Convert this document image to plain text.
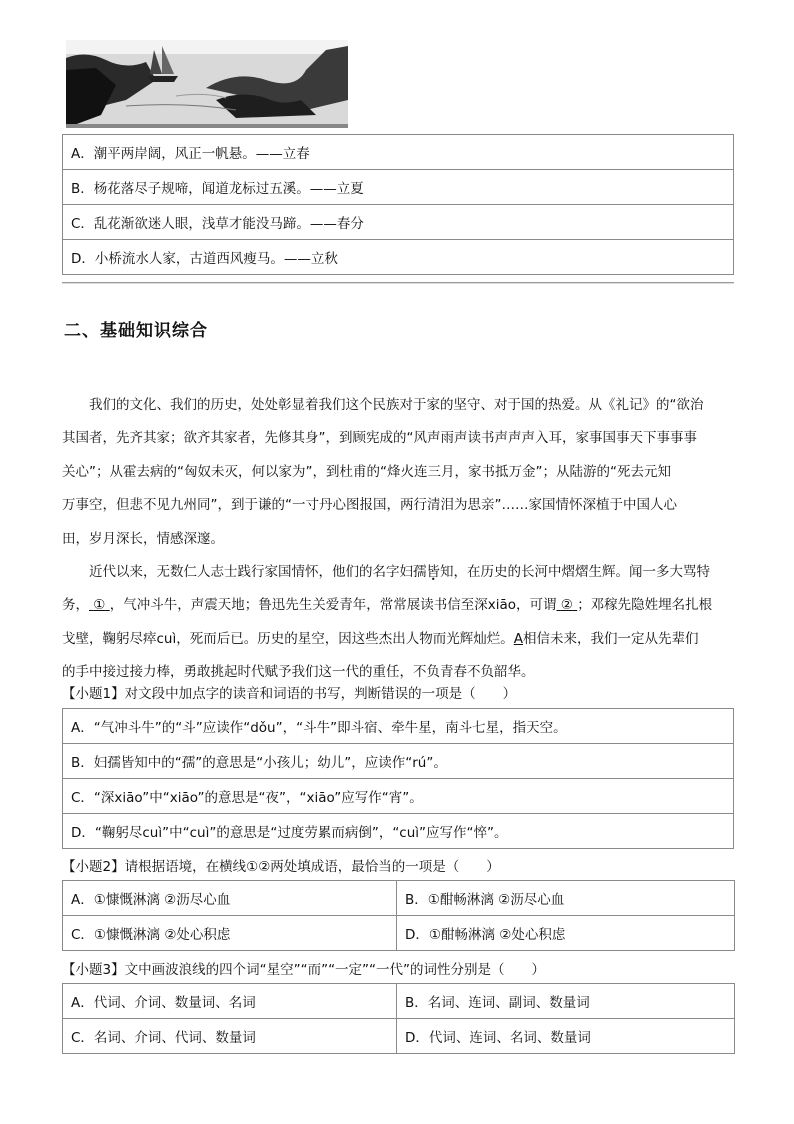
A．潮平两岸阔，风正一帆悬。——立春
B．杨花落尽子规啼，闻道龙标过五溪。——立夏
C．乱花渐欲迷人眼，浅草才能没马蹄。——春分
D．小桥流水人家，古道西风瘦马。——立秋
二、基础知识综合

我们的文化、我们的历史，处处彰显着我们这个民族对于家的坚守、对于国的热爱。从《礼记》的“欲治

其国者，先齐其家；欲齐其家者，先修其身”，到顾宪成的“风声雨声读书声声声入耳，家事国事天下事事事

关心”；从霍去病的“匈奴未灭，何以家为”，到杜甫的“烽火连三月，家书抵万金”；从陆游的“死去元知

万事空，但悲不见九州同”，到于谦的“一寸丹心图报国，两行清泪为思亲”……家国情怀深植于中国人心

田，岁月深长，情感深邃。

近代以来，无数仁人志士践行家国情怀，他们的名字妇孺皆知，在历史的长河中熠熠生辉。闻一多大骂特

务， ① ，气冲斗牛，声震天地；鲁迅先生关爱青年，常常展读书信至深xiāo，可谓 ② ；邓稼先隐姓埋名扎根

戈壁，鞠躬尽瘁cuì，死而后已。历史的星空，因这些杰出人物而光辉灿烂。A相信未来，我们一定从先辈们

的手中接过接力棒，勇敢挑起时代赋予我们这一代的重任，不负青春不负韶华。

【小题1】对文段中加点字的读音和词语的书写，判断错误的一项是（　　）
A．“气冲斗牛”的“斗”应读作“dǒu”，“斗牛”即斗宿、牵牛星，南斗七星，指天空。
B．妇孺皆知中的“孺”的意思是“小孩儿；幼儿”，应读作“rú”。
C．“深xiāo”中“xiāo”的意思是“夜”，“xiāo”应写作“宵”。
D．“鞠躬尽cuì”中“cuì”的意思是“过度劳累而病倒”，“cuì”应写作“悴”。
【小题2】请根据语境，在横线①②两处填成语，最恰当的一项是（　　）
A．①慷慨淋漓 ②沥尽心血	B．①酣畅淋漓 ②沥尽心血
C．①慷慨淋漓 ②处心积虑	D．①酣畅淋漓 ②处心积虑
【小题3】文中画波浪线的四个词“星空”“而”“一定”“一代”的词性分别是（　　）
A．代词、介词、数量词、名词	B．名词、连词、副词、数量词
C．名词、介词、代词、数量词	D．代词、连词、名词、数量词
